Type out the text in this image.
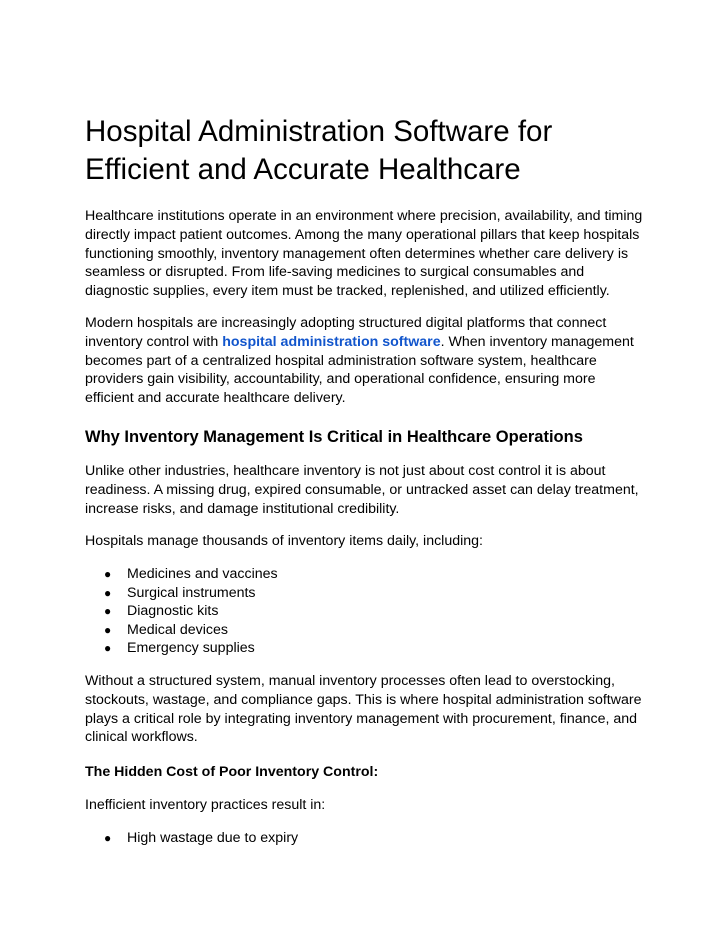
Hospital Administration Software for Efficient and Accurate Healthcare

Healthcare institutions operate in an environment where precision, availability, and timing directly impact patient outcomes. Among the many operational pillars that keep hospitals functioning smoothly, inventory management often determines whether care delivery is seamless or disrupted. From life-saving medicines to surgical consumables and diagnostic supplies, every item must be tracked, replenished, and utilized efficiently.

Modern hospitals are increasingly adopting structured digital platforms that connect inventory control with hospital administration software. When inventory management becomes part of a centralized hospital administration software system, healthcare providers gain visibility, accountability, and operational confidence, ensuring more efficient and accurate healthcare delivery.

Why Inventory Management Is Critical in Healthcare Operations

Unlike other industries, healthcare inventory is not just about cost control it is about readiness. A missing drug, expired consumable, or untracked asset can delay treatment, increase risks, and damage institutional credibility.

Hospitals manage thousands of inventory items daily, including:

● Medicines and vaccines
● Surgical instruments
● Diagnostic kits
● Medical devices
● Emergency supplies

Without a structured system, manual inventory processes often lead to overstocking, stockouts, wastage, and compliance gaps. This is where hospital administration software plays a critical role by integrating inventory management with procurement, finance, and clinical workflows.

The Hidden Cost of Poor Inventory Control:

Inefficient inventory practices result in:

● High wastage due to expiry
